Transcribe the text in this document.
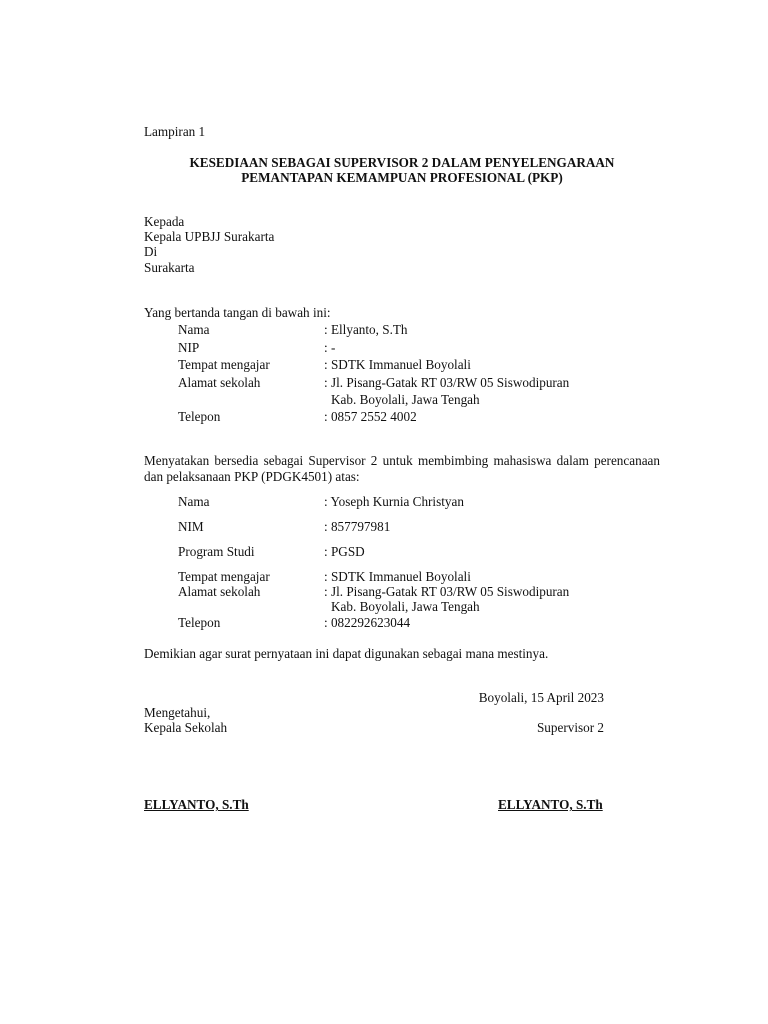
Lampiran 1
KESEDIAAN SEBAGAI SUPERVISOR 2 DALAM PENYELENGARAAN
PEMANTAPAN KEMAMPUAN PROFESIONAL (PKP)
Kepada
Kepala UPBJJ Surakarta
Di
Surakarta
Yang bertanda tangan di bawah ini:
Nama	: Ellyanto, S.Th
NIP	: -
Tempat mengajar	: SDTK Immanuel Boyolali
Alamat sekolah	: Jl. Pisang-Gatak RT 03/RW 05 Siswodipuran
Kab. Boyolali, Jawa Tengah
Telepon	: 0857 2552 4002
Menyatakan bersedia sebagai Supervisor 2 untuk membimbing mahasiswa dalam perencanaan dan pelaksanaan PKP (PDGK4501) atas:
Nama	: Yoseph Kurnia Christyan
NIM	: 857797981
Program Studi	: PGSD
Tempat mengajar	: SDTK Immanuel Boyolali
Alamat sekolah	: Jl. Pisang-Gatak RT 03/RW 05 Siswodipuran
Kab. Boyolali, Jawa Tengah
Telepon	: 082292623044
Demikian agar surat pernyataan ini dapat digunakan sebagai mana mestinya.
Boyolali, 15 April 2023
Mengetahui,
Kepala Sekolah	Supervisor 2
ELLYANTO, S.Th	ELLYANTO, S.Th
